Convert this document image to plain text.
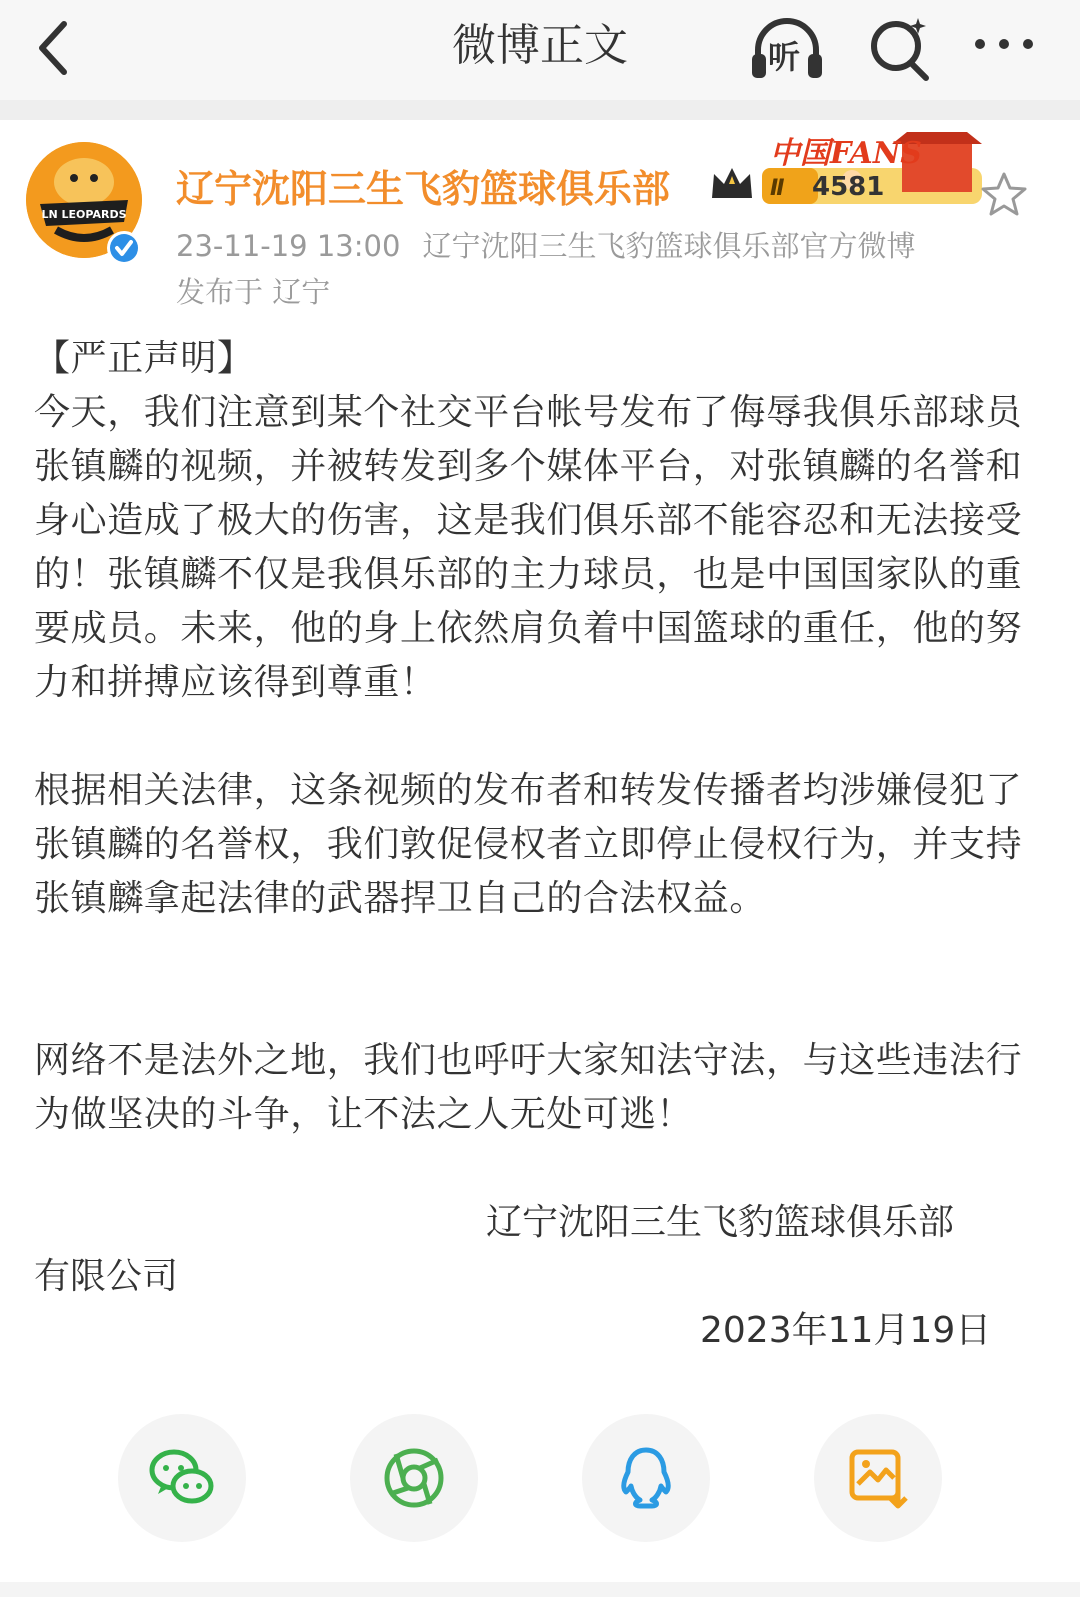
微博正文	听
LN LEOPARDS
辽宁沈阳三生飞豹篮球俱乐部
中国FANS
Ⅱ 4581
23-11-19 13:00 辽宁沈阳三生飞豹篮球俱乐部官方微博
发布于 辽宁

【严正声明】
今天，我们注意到某个社交平台帐号发布了侮辱我俱乐部球员张镇麟的视频，并被转发到多个媒体平台，对张镇麟的名誉和身心造成了极大的伤害，这是我们俱乐部不能容忍和无法接受的！张镇麟不仅是我俱乐部的主力球员，也是中国国家队的重要成员。未来，他的身上依然肩负着中国篮球的重任，他的努力和拼搏应该得到尊重！

根据相关法律，这条视频的发布者和转发传播者均涉嫌侵犯了张镇麟的名誉权，我们敦促侵权者立即停止侵权行为，并支持张镇麟拿起法律的武器捍卫自己的合法权益。

网络不是法外之地，我们也呼吁大家知法守法，与这些违法行为做坚决的斗争，让不法之人无处可逃！

辽宁沈阳三生飞豹篮球俱乐部
有限公司
2023年11月19日
